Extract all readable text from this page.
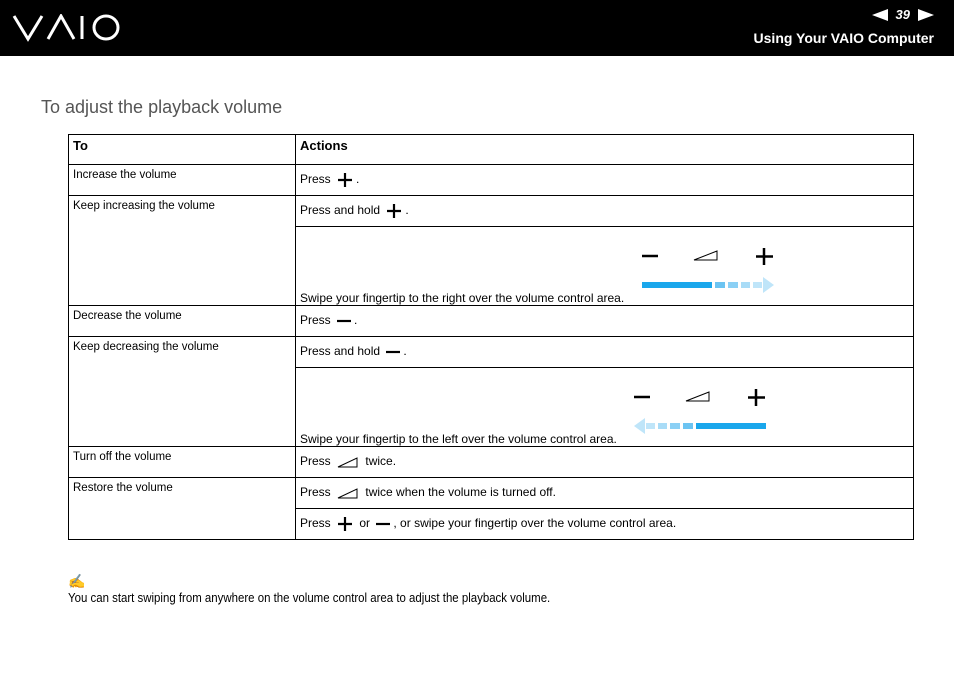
39
Using Your VAIO Computer
To adjust the playback volume
To	Actions
Increase the volume	Press .
Keep increasing the volume	Press and hold .
	Swipe your fingertip to the right over the volume control area.
Decrease the volume	Press .
Keep decreasing the volume	Press and hold .
	Swipe your fingertip to the left over the volume control area.
Turn off the volume	Press twice.
Restore the volume	Press twice when the volume is turned off.
	Press or , or swipe your fingertip over the volume control area.
✍
You can start swiping from anywhere on the volume control area to adjust the playback volume.
